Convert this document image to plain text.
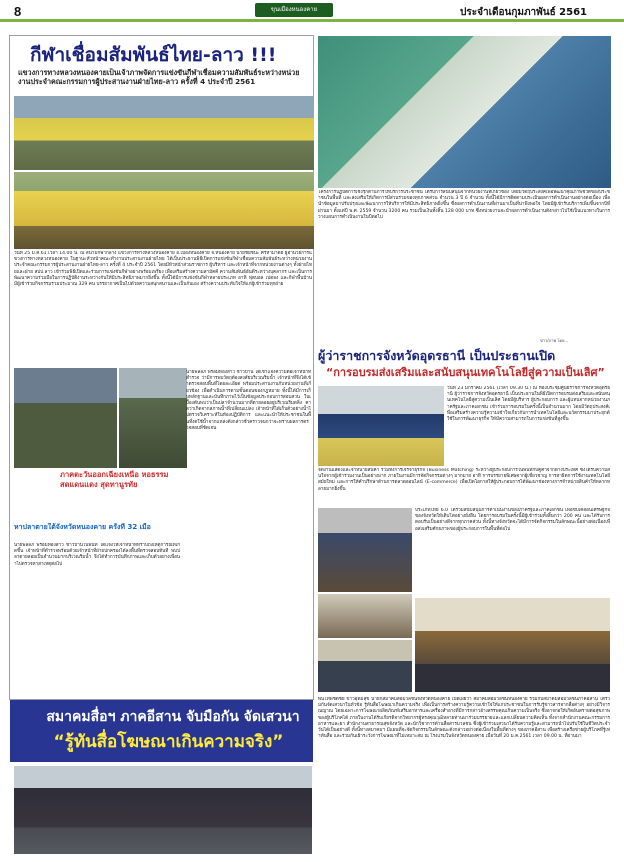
8	ขุนเมืองหนองคาย	ประจำเดือนกุมภาพันธ์ 2561
กีฬาเชื่อมสัมพันธ์ไทย-ลาว !!!
แขวงการทางหลวงหนองคายเป็นเจ้าภาพจัดการแข่งขันกีฬาเชื่อมความสัมพันธ์ระหว่างหน่วยงานประจำคณะกรรมการผู้ประสานงานฝ่ายไทย-ลาว ครั้งที่ 4 ประจำปี 2561
วันที่ 25 ม.ค.61 เวลา 14.00 น. ณ สนามกีฬากลาง แขวงการทางหลวงหนองคาย อ.เมืองหนองคาย จ.หนองคาย นายชัยชนะ ศรีหามาตย์ ผู้อำนวยการแขวงการทางหลวงหนองคาย ในฐานะหัวหน้าคณะทำงานประสานงานฝ่ายไทย ได้เป็นประธานพิธีเปิดการแข่งขันกีฬาเชื่อมความสัมพันธ์ระหว่างหน่วยงานประจำคณะกรรมการผู้ประสานงานฝ่ายไทย-ลาว ครั้งที่ 4 ประจำปี 2561 โดยมีหัวหน้าส่วนราชการ ผู้บริหาร และเจ้าหน้าที่จากหน่วยงานต่างๆ ทั้งฝ่ายไทยและฝ่าย สปป.ลาว เข้าร่วมพิธีเปิดและร่วมการแข่งขันกีฬาอย่างพร้อมเพรียง เพื่อเสริมสร้างความสามัคคี ความสัมพันธ์อันดีระหว่างบุคลากร และเป็นการพัฒนาความร่วมมือในการปฏิบัติงานระหว่างกันให้มีประสิทธิภาพมากยิ่งขึ้น ทั้งนี้ได้มีการแข่งขันกีฬาหลายประเภท อาทิ ฟุตบอล เปตอง และกีฬาพื้นบ้าน มีผู้เข้าร่วมกิจกรรมรวมประมาณ 329 คน บรรยากาศเป็นไปด้วยความสนุกสนานและเป็นกันเอง สร้างความประทับใจให้แก่ผู้เข้าร่วมทุกฝ่าย
ภาคตะวันออกเฉียงเหนือ หอธรรมสดแดนแดง สุดทานูรทัย
หาปลาตายใต้จังหวัดหนองคาย ครั้งที่ 32 เมื่อ
นายพลลภ พร้อมทองสาว ชาวบ้านในพื้นที่ ได้แจ้งให้เจ้าหน้าที่ทราบถึงเหตุการณ์ที่เกิดขึ้น เจ้าหน้าที่ตำรวจพร้อมด้วยเจ้าหน้าที่ฝ่ายปกครองได้ลงพื้นที่ตรวจสอบทันที พบปลาตายลอยเป็นจำนวนมากบริเวณริมน้ำ จึงได้ทำการบันทึกภาพและเก็บตัวอย่างเพื่อนำไปตรวจหาสาเหตุต่อไป
นายพลลภ พร้อมทองสาว ชาวบ้าน ได้เข้าแจ้งความต่อเจ้าหน้าที่ตำรวจ ว่ามีการพบวัตถุต้องสงสัยบริเวณริมน้ำ เจ้าหน้าที่จึงได้เข้าตรวจสอบพื้นที่โดยละเอียด พร้อมประสานงานกับหน่วยงานที่เกี่ยวข้อง เพื่อดำเนินการตามขั้นตอนของกฎหมาย ทั้งนี้ได้มีการเก็บหลักฐานและบันทึกภาพไว้เป็นข้อมูลประกอบการสอบสวน ในเบื้องต้นพบว่าเป็นปลาจำนวนมากที่ตายลอยอยู่บริเวณริมตลิ่ง คาดว่าเกิดจากสภาพน้ำที่เปลี่ยนแปลง เจ้าหน้าที่ได้เก็บตัวอย่างน้ำไปตรวจวิเคราะห์ในห้องปฏิบัติการ และแนะนำให้ประชาชนในพื้นที่งดใช้น้ำจากแหล่งดังกล่าวชั่วคราวจนกว่าจะทราบผลการตรวจสอบที่ชัดเจน
โครงการปฏิบัติการเชิงรุกด้านการให้บริการประชาชน ได้รับการสนับสนุนจากหน่วยงานที่เกี่ยวข้อง โดยมีวัตถุประสงค์เพื่อพัฒนาคุณภาพชีวิตของประชาชนในพื้นที่ และส่งเสริมให้เกิดการมีส่วนร่วมของทุกภาคส่วน จำนวน 3 ปี 6 จำนวน ทั้งนี้ได้มีการติดตามประเมินผลการดำเนินงานอย่างต่อเนื่อง เพื่อนำข้อมูลมาปรับปรุงและพัฒนาการให้บริการให้มีประสิทธิภาพยิ่งขึ้น ซึ่งผลการดำเนินงานที่ผ่านมาเป็นที่น่าพึงพอใจ โดยมีผู้เข้ารับบริการเพิ่มขึ้นจากปีที่ผ่านมา ตั้งแต่ปี พ.ศ. 2559 จำนวน 3200 คน รวมเป็นเงินทั้งสิ้น 128 000 บาท ซึ่งหน่วยงานจะนำผลการดำเนินงานดังกล่าวไปใช้เป็นแนวทางในการวางแผนการดำเนินงานในปีต่อไป
ข่าว/ภาพ โดย...
ผู้ว่าราชการจังหวัดอุดรธานี เป็นประธานเปิด
“การอบรมส่งเสริมและสนับสนุนเทคโนโลยีสู่ความเป็นเลิศ”
วันที่ 23 มกราคม 2561 (เวลา 09.30 น.) ณ ห้องประชุมศูนย์ราชการจังหวัดอุดรธานี ผู้ว่าราชการจังหวัดอุดรธานี เป็นประธานในพิธีเปิดการอบรมส่งเสริมและสนับสนุนเทคโนโลยีสู่ความเป็นเลิศ โดยมีผู้บริหาร ผู้ประกอบการ และผู้แทนจากหน่วยงานภาครัฐและภาคเอกชน เข้าร่วมการอบรมในครั้งนี้เป็นจำนวนมาก โดยมีวัตถุประสงค์เพื่อเสริมสร้างความรู้ความเข้าใจเกี่ยวกับการนำเทคโนโลยีและนวัตกรรมมาประยุกต์ใช้ในการพัฒนาธุรกิจ ให้มีความสามารถในการแข่งขันที่สูงขึ้น
จัดงานแสดงและจำหน่ายสินค้า รวมทั้งการเจรจาธุรกิจ (Business Matching) ระหว่างผู้ประกอบการในพื้นที่กับคู่ค้าจากต่างประเทศ ซึ่งได้รับความสนใจจากผู้เข้าร่วมงานเป็นอย่างมาก ภายในงานมีการจัดกิจกรรมต่างๆ มากมาย อาทิ การบรรยายพิเศษจากผู้เชี่ยวชาญ การสาธิตการใช้งานเทคโนโลยีสมัยใหม่ และการให้คำปรึกษาด้านการตลาดออนไลน์ (E-commerce) เพื่อเปิดโอกาสให้ผู้ประกอบการได้พัฒนาช่องทางการจำหน่ายสินค้าให้หลากหลายมากยิ่งขึ้น
ประเภทไทย 6.0 ได้ร่วมสนับสนุนการดำเนินงานของภาครัฐและภาคเอกชน เพื่อขับเคลื่อนเศรษฐกิจของจังหวัดให้เติบโตอย่างยั่งยืน โดยการอบรมในครั้งนี้มีผู้เข้าร่วมทั้งสิ้นกว่า 200 คน และได้รับการตอบรับเป็นอย่างดีจากทุกภาคส่วน ทั้งนี้ทางจังหวัดจะได้มีการจัดกิจกรรมในลักษณะนี้อย่างต่อเนื่องเพื่อส่งเสริมศักยภาพของผู้ประกอบการในพื้นที่ต่อไป
สมาคมสื่อฯ ภาคอีสาน จับมือกัน จัดเสวนา
“รู้ทันสื่อโฆษณาเกินความจริง”
พันโทพิชิตชัย ขาวอุดมสุข นายกสมาคมสื่อมวลชนจังหวัดหนองคาย เปิดเผยว่า สมาคมสื่อมวลชนหนองคาย ร่วมกับสมาคมสื่อมวลชนภาคอีสาน ได้ร่วมกันจัดเสวนาในหัวข้อ รู้ทันสื่อโฆษณาเกินความจริง เพื่อเป็นการสร้างความรู้ความเข้าใจให้แก่ประชาชนในการรับรู้ข่าวสารจากสื่อต่างๆ อย่างมีวิจารณญาณ โดยเฉพาะการโฆษณาผลิตภัณฑ์เสริมอาหารและเครื่องสำอางที่มีการกล่าวอ้างสรรพคุณเกินความเป็นจริง ซึ่งอาจก่อให้เกิดอันตรายต่อสุขภาพของผู้บริโภคได้ ภายในงานได้รับเกียรติจากวิทยากรผู้ทรงคุณวุฒิหลายท่านมาร่วมบรรยายและแลกเปลี่ยนความคิดเห็น ทั้งจากสำนักงานคณะกรรมการอาหารและยา สำนักงานสาธารณสุขจังหวัด และนักวิชาการด้านสื่อสารมวลชน ซึ่งผู้เข้าร่วมเสวนาได้รับความรู้และสามารถนำไปปรับใช้ในชีวิตประจำวันได้เป็นอย่างดี ทั้งนี้ทางสมาคมฯ มีแผนที่จะจัดกิจกรรมในลักษณะดังกล่าวอย่างต่อเนื่องในพื้นที่ต่างๆ ของภาคอีสาน เพื่อสร้างเครือข่ายผู้บริโภคที่รู้เท่าทันสื่อ และร่วมกันเฝ้าระวังการโฆษณาที่ไม่เหมาะสม ณ โรงแรมในจังหวัดหนองคาย เมื่อวันที่ 20 ม.ค.2561 เวลา 09.00 น. ที่ผ่านมา
